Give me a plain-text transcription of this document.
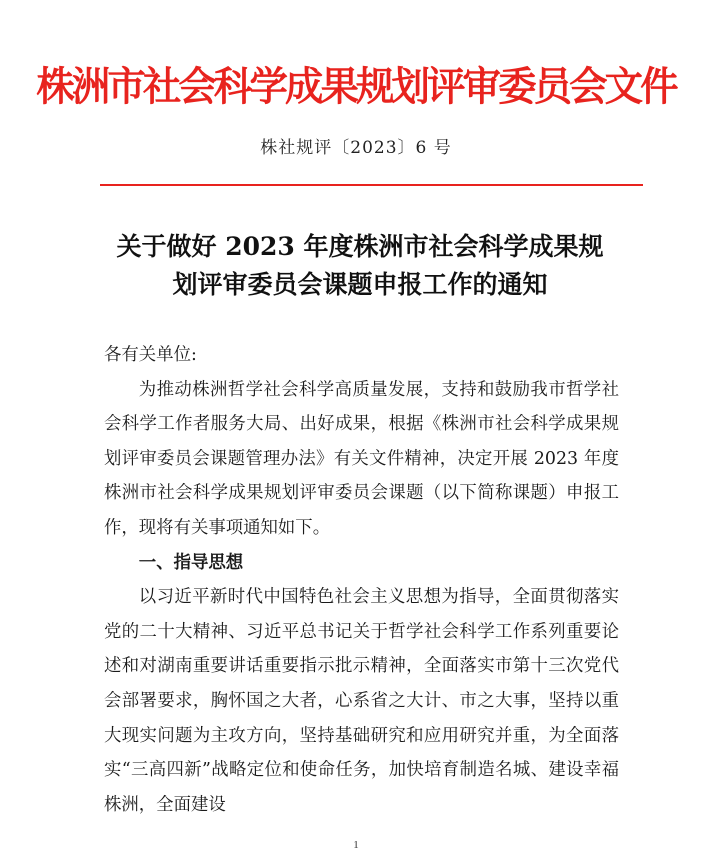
株洲市社会科学成果规划评审委员会文件
株社规评〔2023〕6 号
关于做好 2023 年度株洲市社会科学成果规
划评审委员会课题申报工作的通知

各有关单位:

为推动株洲哲学社会科学高质量发展，支持和鼓励我市哲学社会科学工作者服务大局、出好成果，根据《株洲市社会科学成果规划评审委员会课题管理办法》有关文件精神，决定开展 2023 年度株洲市社会科学成果规划评审委员会课题（以下简称课题）申报工作，现将有关事项通知如下。

一、指导思想

以习近平新时代中国特色社会主义思想为指导，全面贯彻落实党的二十大精神、习近平总书记关于哲学社会科学工作系列重要论述和对湖南重要讲话重要指示批示精神，全面落实市第十三次党代会部署要求，胸怀国之大者，心系省之大计、市之大事，坚持以重大现实问题为主攻方向，坚持基础研究和应用研究并重，为全面落实“三高四新”战略定位和使命任务，加快培育制造名城、建设幸福株洲，全面建设

1
